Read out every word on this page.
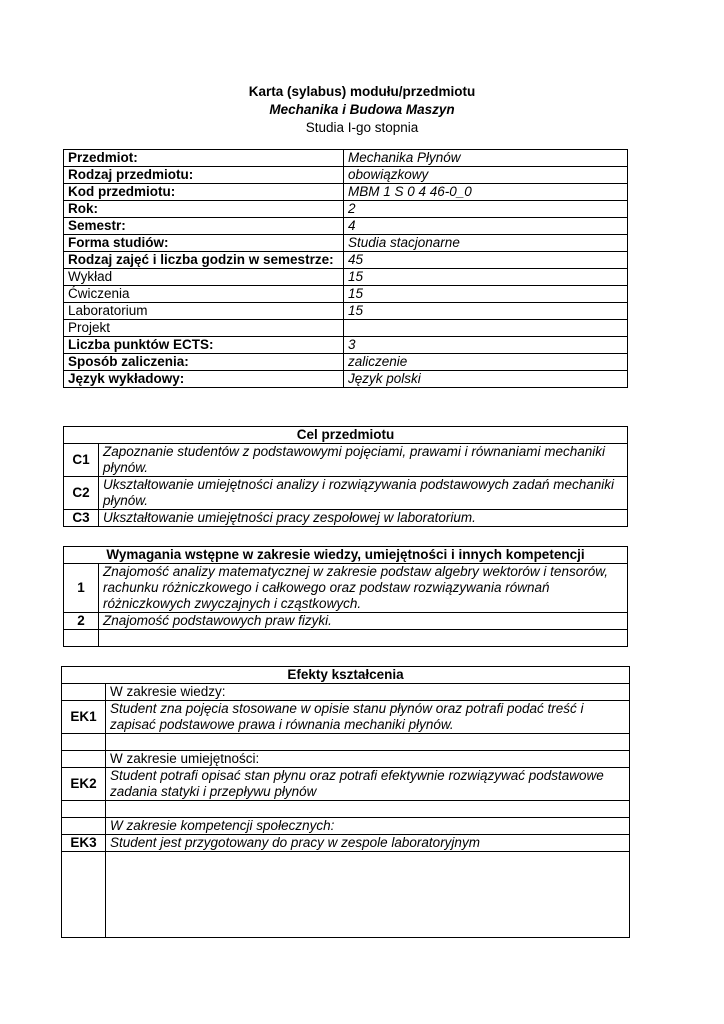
Karta (sylabus) modułu/przedmiotu
Mechanika i Budowa Maszyn
Studia I-go stopnia
Przedmiot:	Mechanika Płynów
Rodzaj przedmiotu:	obowiązkowy
Kod przedmiotu:	MBM 1 S 0 4 46-0_0
Rok:	2
Semestr:	4
Forma studiów:	Studia stacjonarne
Rodzaj zajęć i liczba godzin w semestrze:	45
Wykład	15
Ćwiczenia	15
Laboratorium	15
Projekt	
Liczba punktów ECTS:	3
Sposób zaliczenia:	zaliczenie
Język wykładowy:	Język polski
Cel przedmiotu	
C1	Zapoznanie studentów z podstawowymi pojęciami, prawami i równaniami mechaniki płynów.
C2	Ukształtowanie umiejętności analizy i rozwiązywania podstawowych zadań mechaniki płynów.
C3	Ukształtowanie umiejętności pracy zespołowej w laboratorium.
Wymagania wstępne w zakresie wiedzy, umiejętności i innych kompetencji	
1	Znajomość analizy matematycznej w zakresie podstaw algebry wektorów i tensorów, rachunku różniczkowego i całkowego oraz podstaw rozwiązywania równań różniczkowych zwyczajnych i cząstkowych.
2	Znajomość podstawowych praw fizyki.

Efekty kształcenia	
	W zakresie wiedzy:
EK1	Student zna pojęcia stosowane w opisie stanu płynów oraz potrafi podać treść i zapisać podstawowe prawa i równania mechaniki płynów.

	W zakresie umiejętności:
EK2	Student potrafi opisać stan płynu oraz potrafi efektywnie rozwiązywać podstawowe zadania statyki i przepływu płynów

	W zakresie kompetencji społecznych:
EK3	Student jest przygotowany do pracy w zespole laboratoryjnym
